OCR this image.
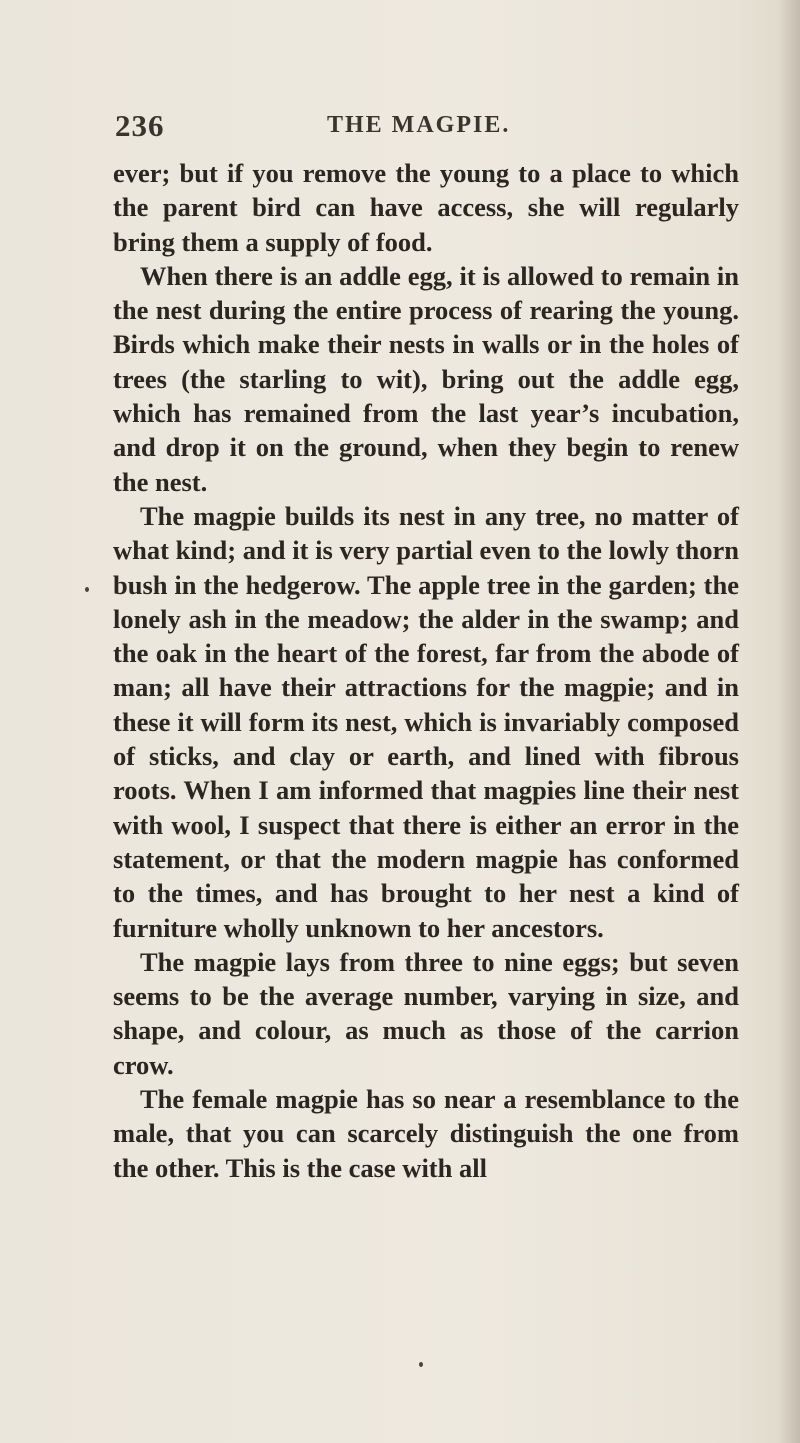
236	THE MAGPIE.

ever; but if you remove the young to a place to which the parent bird can have access, she will regularly bring them a supply of food.

When there is an addle egg, it is allowed to remain in the nest during the entire process of rearing the young. Birds which make their nests in walls or in the holes of trees (the starling to wit), bring out the addle egg, which has remained from the last year’s incubation, and drop it on the ground, when they begin to renew the nest.

The magpie builds its nest in any tree, no matter of what kind; and it is very partial even to the lowly thorn bush in the hedgerow. The apple tree in the garden; the lonely ash in the meadow; the alder in the swamp; and the oak in the heart of the forest, far from the abode of man; all have their attractions for the magpie; and in these it will form its nest, which is invariably composed of sticks, and clay or earth, and lined with fibrous roots. When I am informed that magpies line their nest with wool, I suspect that there is either an error in the statement, or that the modern magpie has conformed to the times, and has brought to her nest a kind of furniture wholly unknown to her ancestors.

The magpie lays from three to nine eggs; but seven seems to be the average number, varying in size, and shape, and colour, as much as those of the carrion crow.

The female magpie has so near a resemblance to the male, that you can scarcely distinguish the one from the other. This is the case with all
